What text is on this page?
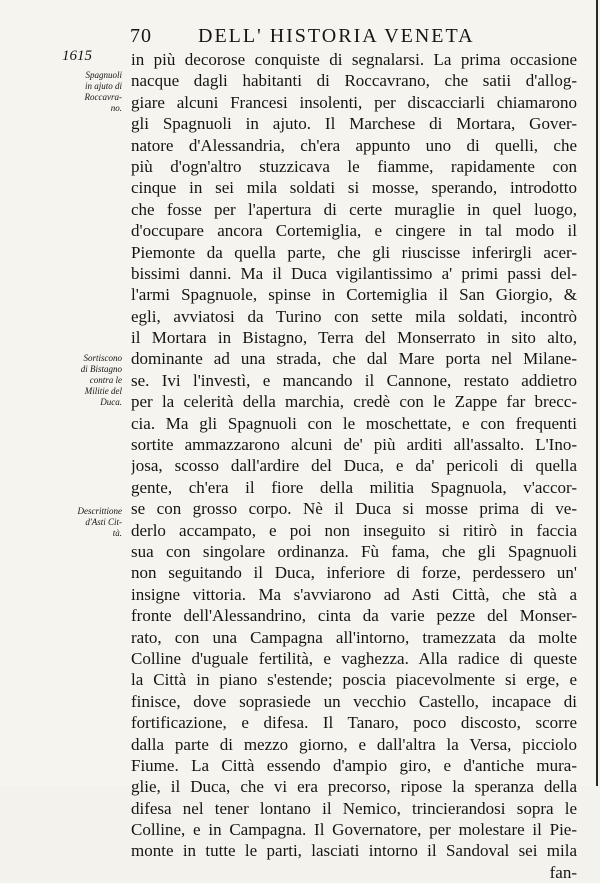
70 DELL' HISTORIA VENETA
1615
Spagnuoli
in ajuto di
Roccavra-
no.
Sortiscono
di Bistagno
contra le
Militie del
Duca.
Descrittione
d'Asti Cit-
tà.
in più decorose conquiste di segnalarsi. La prima occasione
nacque dagli habitanti di Roccavrano, che satii d'allog-
giare alcuni Francesi insolenti, per discacciarli chiamarono
gli Spagnuoli in ajuto. Il Marchese di Mortara, Gover-
natore d'Alessandria, ch'era appunto uno di quelli, che
più d'ogn'altro stuzzicava le fiamme, rapidamente con
cinque in sei mila soldati si mosse, sperando, introdotto
che fosse per l'apertura di certe muraglie in quel luogo,
d'occupare ancora Cortemiglia, e cingere in tal modo il
Piemonte da quella parte, che gli riuscisse inferirgli acer-
bissimi danni. Ma il Duca vigilantissimo a' primi passi del-
l'armi Spagnuole, spinse in Cortemiglia il San Giorgio, &
egli, avviatosi da Turino con sette mila soldati, incontrò
il Mortara in Bistagno, Terra del Monserrato in sito alto,
dominante ad una strada, che dal Mare porta nel Milane-
se. Ivi l'investì, e mancando il Cannone, restato addietro
per la celerità della marchia, credè con le Zappe far brecc-
cia. Ma gli Spagnuoli con le moschettate, e con frequenti
sortite ammazzarono alcuni de' più arditi all'assalto. L'Ino-
josa, scosso dall'ardire del Duca, e da' pericoli di quella
gente, ch'era il fiore della militia Spagnuola, v'accor-
se con grosso corpo. Nè il Duca si mosse prima di ve-
derlo accampato, e poi non inseguito si ritirò in faccia
sua con singolare ordinanza. Fù fama, che gli Spagnuoli
non seguitando il Duca, inferiore di forze, perdessero un'
insigne vittoria. Ma s'avviarono ad Asti Città, che stà a
fronte dell'Alessandrino, cinta da varie pezze del Monser-
rato, con una Campagna all'intorno, tramezzata da molte
Colline d'uguale fertilità, e vaghezza. Alla radice di queste
la Città in piano s'estende; poscia piacevolmente si erge, e
finisce, dove soprasiede un vecchio Castello, incapace di
fortificazione, e difesa. Il Tanaro, poco discosto, scorre
dalla parte di mezzo giorno, e dall'altra la Versa, picciolo
Fiume. La Città essendo d'ampio giro, e d'antiche mura-
glie, il Duca, che vi era precorso, ripose la speranza della
difesa nel tener lontano il Nemico, trincierandosi sopra le
Colline, e in Campagna. Il Governatore, per molestare il Pie-
monte in tutte le parti, lasciati intorno il Sandoval sei mila
fan-
